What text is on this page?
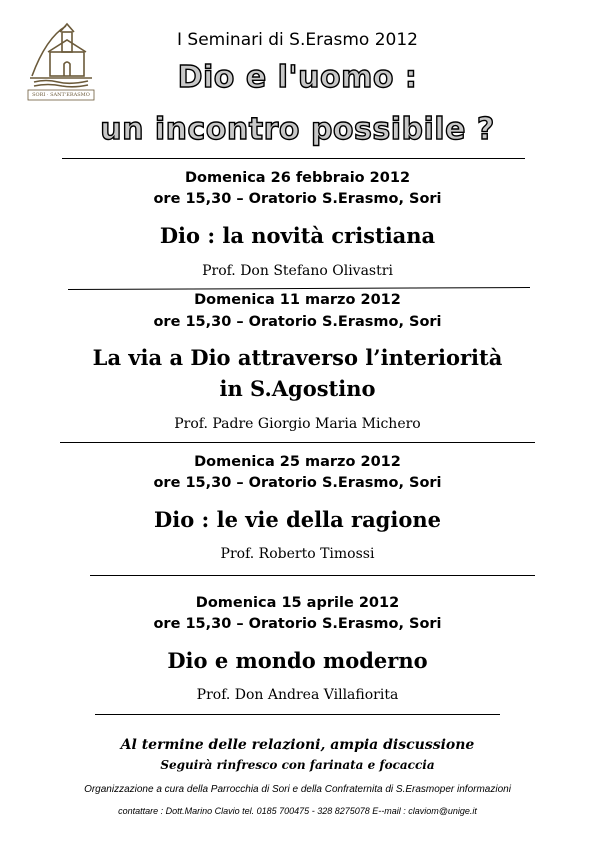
SORI · SANT'ERASMO
I Seminari di S.Erasmo 2012
Dio e l'uomo :
un incontro possibile ?
Domenica 26 febbraio 2012
ore 15,30 – Oratorio S.Erasmo, Sori
Dio : la novità cristiana
Prof. Don Stefano Olivastri
Domenica 11 marzo 2012
ore 15,30 – Oratorio S.Erasmo, Sori
La via a Dio attraverso l’interiorità
in S.Agostino
Prof. Padre Giorgio Maria Michero
Domenica 25 marzo 2012
ore 15,30 – Oratorio S.Erasmo, Sori
Dio : le vie della ragione
Prof. Roberto Timossi
Domenica 15 aprile 2012
ore 15,30 – Oratorio S.Erasmo, Sori
Dio e mondo moderno
Prof. Don Andrea Villafiorita
Al termine delle relazioni, ampia discussione
Seguirà rinfresco con farinata e focaccia
Organizzazione a cura della Parrocchia di Sori e della Confraternita di S.Erasmoper informazioni
contattare : Dott.Marino Clavio tel. 0185 700475 - 328 8275078 E--mail : claviom@unige.it
